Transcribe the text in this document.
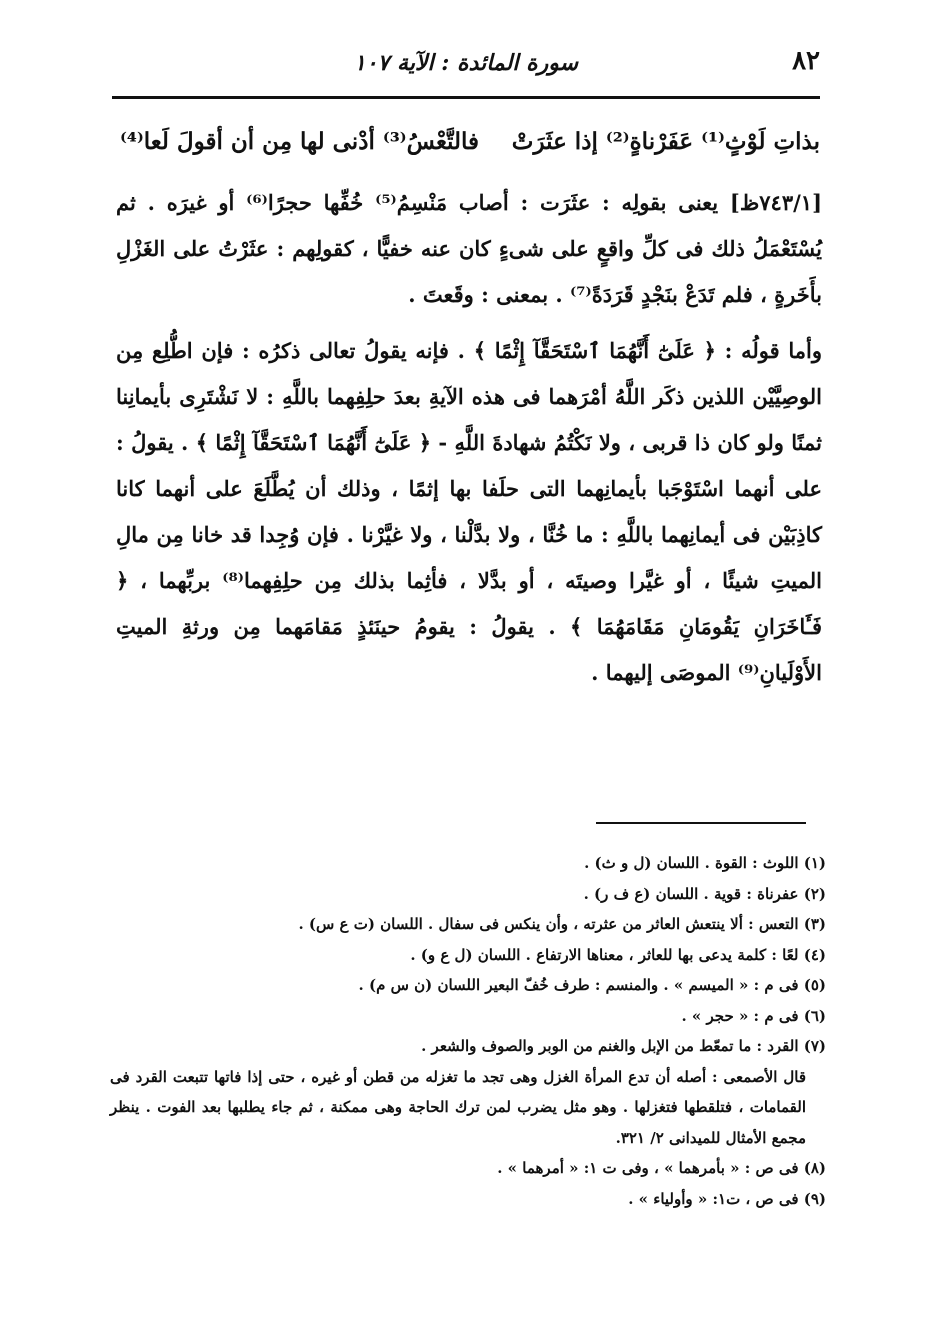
٨٢
سورة المائدة : الآية ١٠٧
بذاتِ لَوْثٍ⁽¹⁾ عَفَرْناةٍ⁽²⁾ إذا عثَرَتْ
فالتَّعْسُ⁽³⁾ أدْنى لها مِن أن أقولَ لَعا⁽⁴⁾

[٧٤٣/١ظ] يعنى بقولِه : عثَرَت : أصاب مَنْسِمُ⁽⁵⁾ خُفِّها حجرًا⁽⁶⁾ أو غيرَه . ثم يُسْتَعْمَلُ ذلك فى كلِّ واقعٍ على شىءٍ كان عنه خفيًّا ، كقولِهم : عثَرْتُ على الغَزْلِ بأَخَرةٍ ، فلم تَدَعْ بنَجْدٍ قَرَدَةً⁽⁷⁾ . بمعنى : وقَعتَ .

وأما قولُه : ﴿ عَلَىٰٓ أَنَّهُمَا ٱسْتَحَقَّآ إِثْمًا ﴾ . فإنه يقولُ تعالى ذكرُه : فإن اطُّلِع مِن الوصِيَّيْن اللذين ذكَر اللَّهُ أمْرَهما فى هذه الآيةِ بعدَ حلِفِهما باللَّهِ : لا نَشْتَرِى بأيمانِنا ثمنًا ولو كان ذا قربى ، ولا نَكْتُمُ شهادةَ اللَّهِ - ﴿ عَلَىٰٓ أَنَّهُمَا ٱسْتَحَقَّآ إِثْمًا ﴾ . يقولُ : على أنهما اسْتَوْجَبا بأيمانِهما التى حلَفا بها إثمًا ، وذلك أن يُطَّلَعَ على أنهما كانا كاذِبَيْن فى أيمانِهما باللَّهِ : ما خُنَّا ، ولا بدَّلْنا ، ولا غيَّرْنا . فإن وُجِدا قد خانا مِن مالِ الميتِ شيئًا ، أو غيَّرا وصيتَه ، أو بدَّلا ، فأثِما بذلك مِن حلِفِهما⁽⁸⁾ بربِّهما ، ﴿ فَـَٔاخَرَانِ يَقُومَانِ مَقَامَهُمَا ﴾ . يقولُ : يقومُ حينَئذٍ مَقامَهما مِن ورثةِ الميتِ الأَوْلَيانِ⁽⁹⁾ الموصَى إليهما .

(١) اللوث : القوة . اللسان (ل و ث) .
(٢) عفرناة : قوية . اللسان (ع ف ر) .
(٣) التعس : ألا ينتعش العاثر من عثرته ، وأن ينكس فى سفال . اللسان (ت ع س) .
(٤) لعًا : كلمة يدعى بها للعاثر ، معناها الارتفاع . اللسان (ل ع و) .
(٥) فى م : « الميسم » . والمنسم : طرف خُفّ البعير اللسان (ن س م) .
(٦) فى م : « حجر » .
(٧) القرد : ما تمعّط من الإبل والغنم من الوبر والصوف والشعر .
قال الأصمعى : أصله أن تدع المرأة الغزل وهى تجد ما تغزله من قطن أو غيره ، حتى إذا فاتها تتبعت القرد فى القمامات ، فتلقطها فتغزلها . وهو مثل يضرب لمن ترك الحاجة وهى ممكنة ، ثم جاء يطلبها بعد الفوت . ينظر مجمع الأمثال للميدانى ٢/ ٣٢١.
(٨) فى ص : « بأمرهما » ، وفى ت ١: « أمرهما » .
(٩) فى ص ، ت١: « وأولياء » .
